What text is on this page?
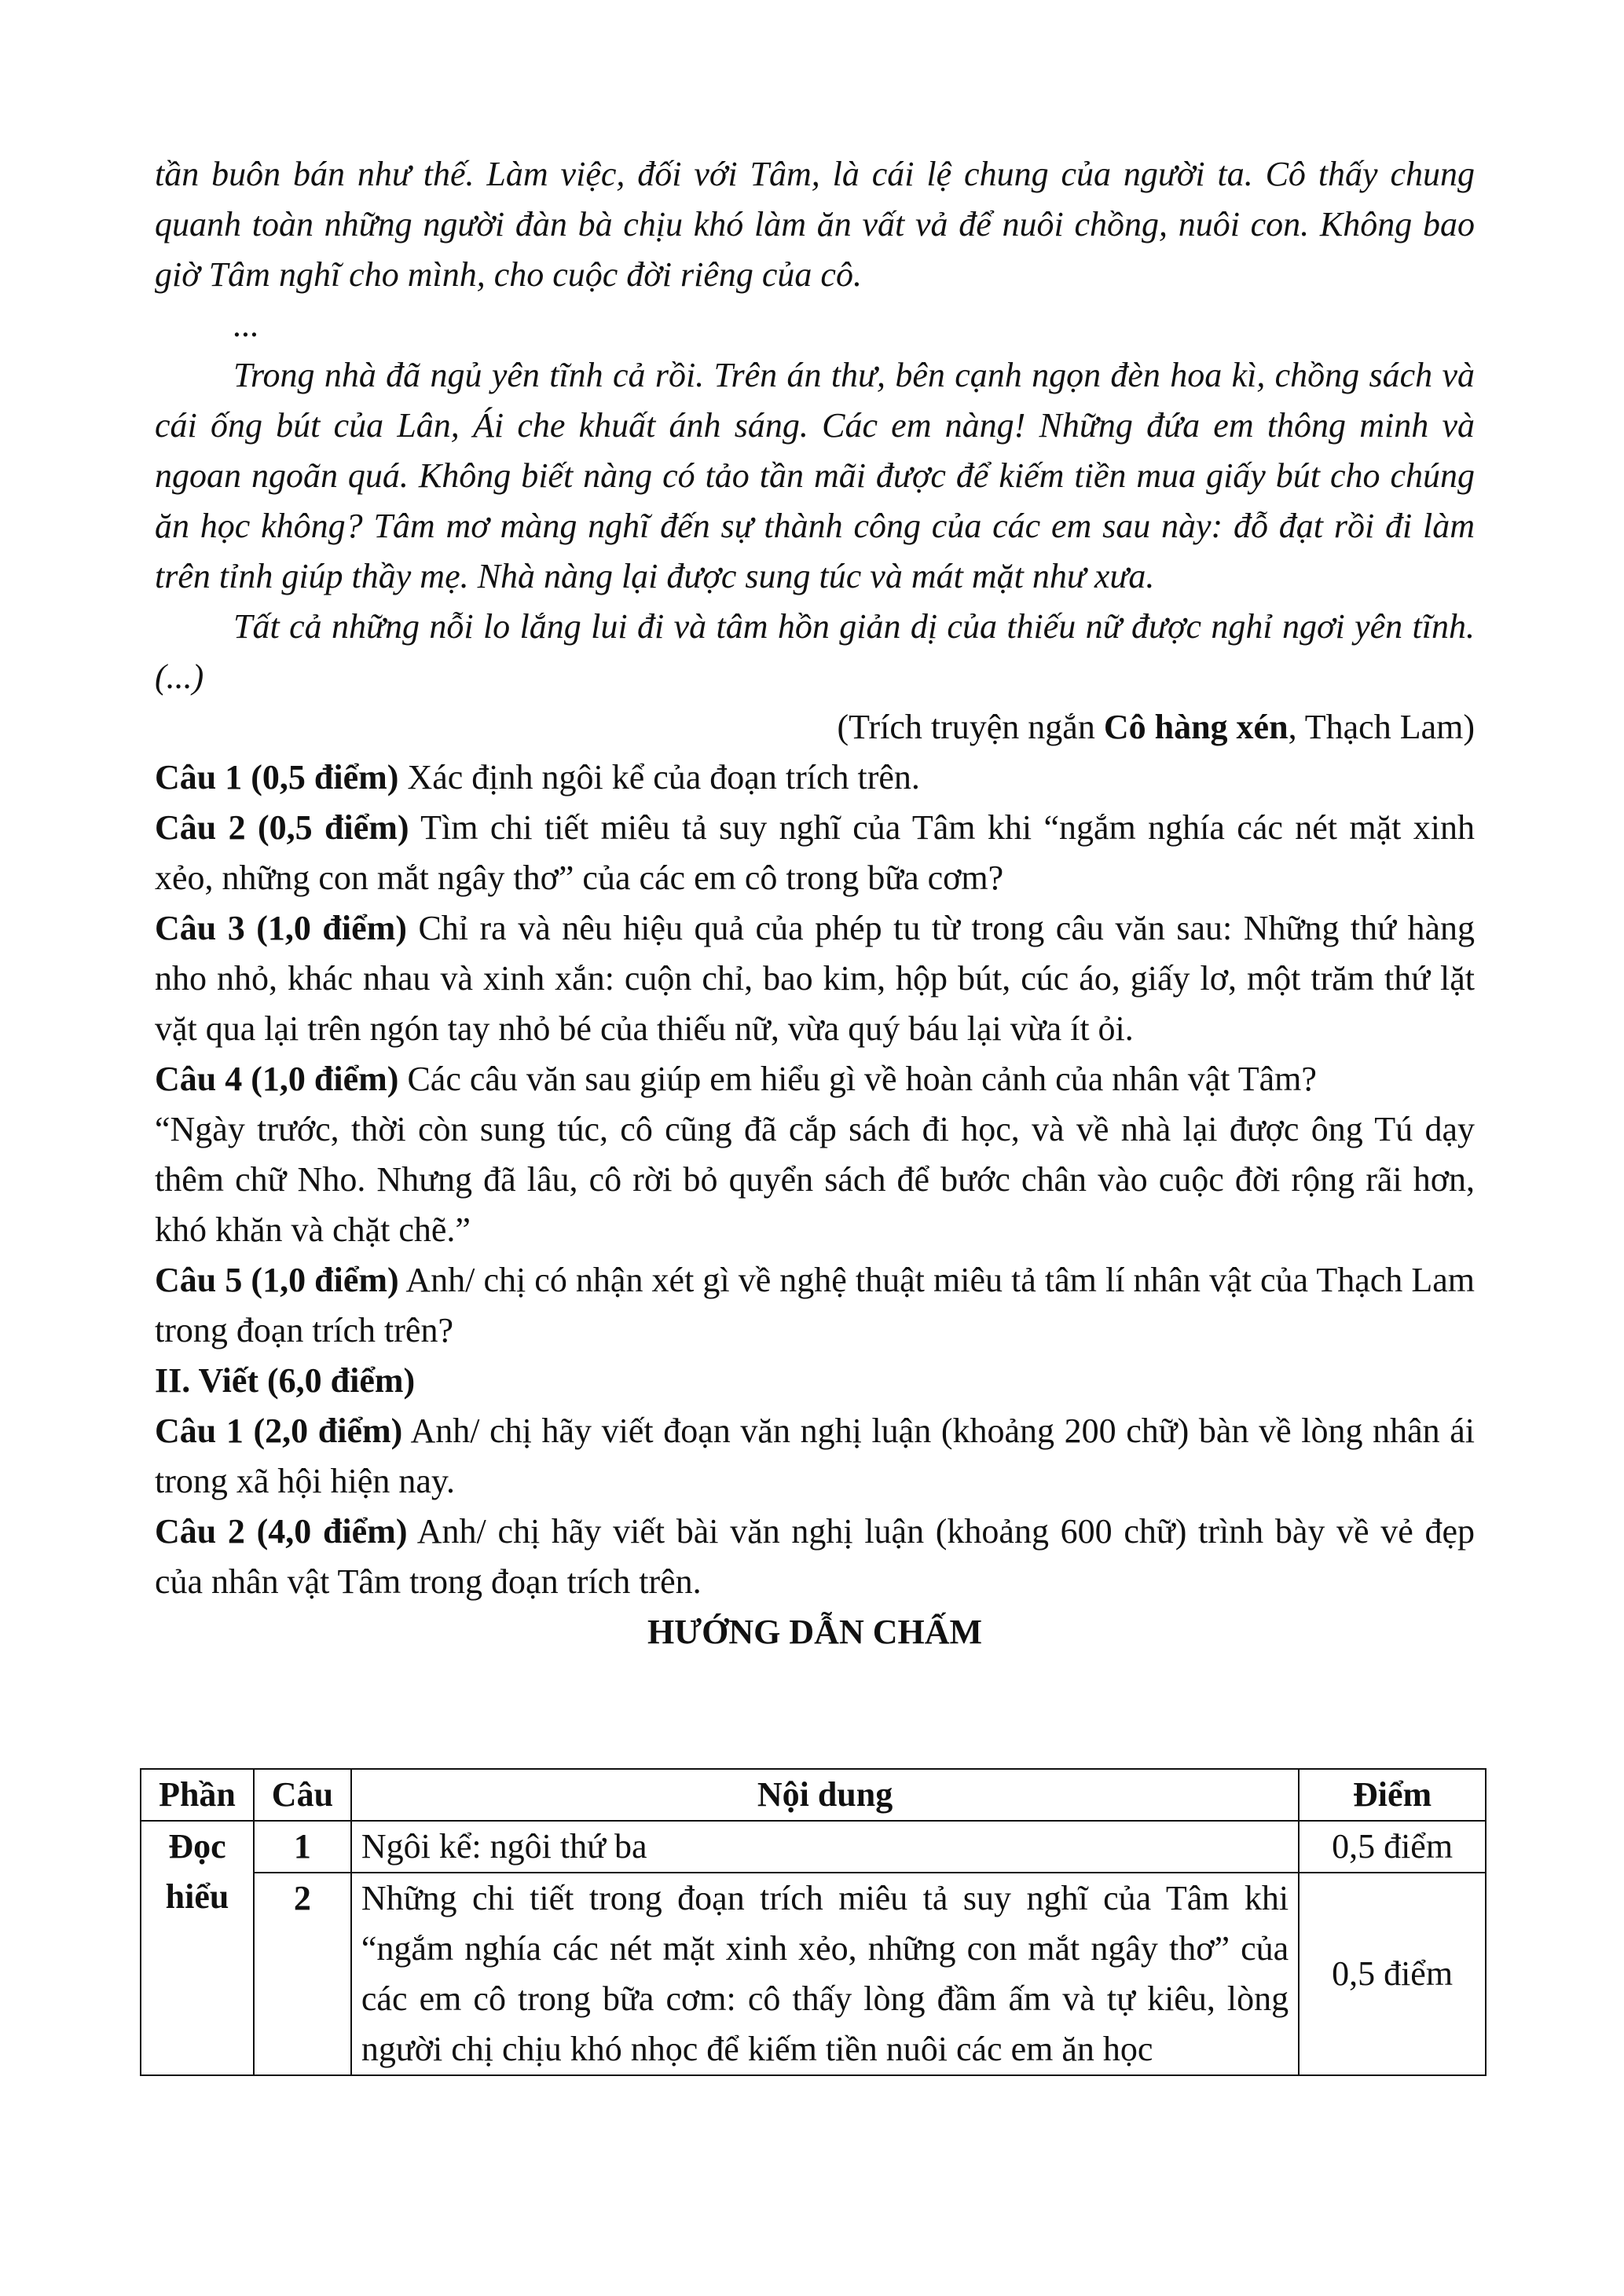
tần buôn bán như thế. Làm việc, đối với Tâm, là cái lệ chung của người ta. Cô thấy chung quanh toàn những người đàn bà chịu khó làm ăn vất vả để nuôi chồng, nuôi con. Không bao giờ Tâm nghĩ cho mình, cho cuộc đời riêng của cô.

...

Trong nhà đã ngủ yên tĩnh cả rồi. Trên án thư, bên cạnh ngọn đèn hoa kì, chồng sách và cái ống bút của Lân, Ái che khuất ánh sáng. Các em nàng! Những đứa em thông minh và ngoan ngoãn quá. Không biết nàng có tảo tần mãi được để kiếm tiền mua giấy bút cho chúng ăn học không? Tâm mơ màng nghĩ đến sự thành công của các em sau này: đỗ đạt rồi đi làm trên tỉnh giúp thầy mẹ. Nhà nàng lại được sung túc và mát mặt như xưa.

Tất cả những nỗi lo lắng lui đi và tâm hồn giản dị của thiếu nữ được nghỉ ngơi yên tĩnh. (...)

(Trích truyện ngắn Cô hàng xén, Thạch Lam)

Câu 1 (0,5 điểm) Xác định ngôi kể của đoạn trích trên.

Câu 2 (0,5 điểm) Tìm chi tiết miêu tả suy nghĩ của Tâm khi “ngắm nghía các nét mặt xinh xẻo, những con mắt ngây thơ” của các em cô trong bữa cơm?

Câu 3 (1,0 điểm) Chỉ ra và nêu hiệu quả của phép tu từ trong câu văn sau: Những thứ hàng nho nhỏ, khác nhau và xinh xắn: cuộn chỉ, bao kim, hộp bút, cúc áo, giấy lơ, một trăm thứ lặt vặt qua lại trên ngón tay nhỏ bé của thiếu nữ, vừa quý báu lại vừa ít ỏi.

Câu 4 (1,0 điểm) Các câu văn sau giúp em hiểu gì về hoàn cảnh của nhân vật Tâm?

“Ngày trước, thời còn sung túc, cô cũng đã cắp sách đi học, và về nhà lại được ông Tú dạy thêm chữ Nho. Nhưng đã lâu, cô rời bỏ quyển sách để bước chân vào cuộc đời rộng rãi hơn, khó khăn và chặt chẽ.”

Câu 5 (1,0 điểm) Anh/ chị có nhận xét gì về nghệ thuật miêu tả tâm lí nhân vật của Thạch Lam trong đoạn trích trên?

II. Viết (6,0 điểm)

Câu 1 (2,0 điểm) Anh/ chị hãy viết đoạn văn nghị luận (khoảng 200 chữ) bàn về lòng nhân ái trong xã hội hiện nay.

Câu 2 (4,0 điểm) Anh/ chị hãy viết bài văn nghị luận (khoảng 600 chữ) trình bày về vẻ đẹp của nhân vật Tâm trong đoạn trích trên.

HƯỚNG DẪN CHẤM

Phần	Câu	Nội dung	Điểm
Đọc hiểu	1	Ngôi kể: ngôi thứ ba	0,5 điểm
	2	Những chi tiết trong đoạn trích miêu tả suy nghĩ của Tâm khi “ngắm nghía các nét mặt xinh xẻo, những con mắt ngây thơ” của các em cô trong bữa cơm: cô thấy lòng đầm ấm và tự kiêu, lòng người chị chịu khó nhọc để kiếm tiền nuôi các em ăn học	0,5 điểm
